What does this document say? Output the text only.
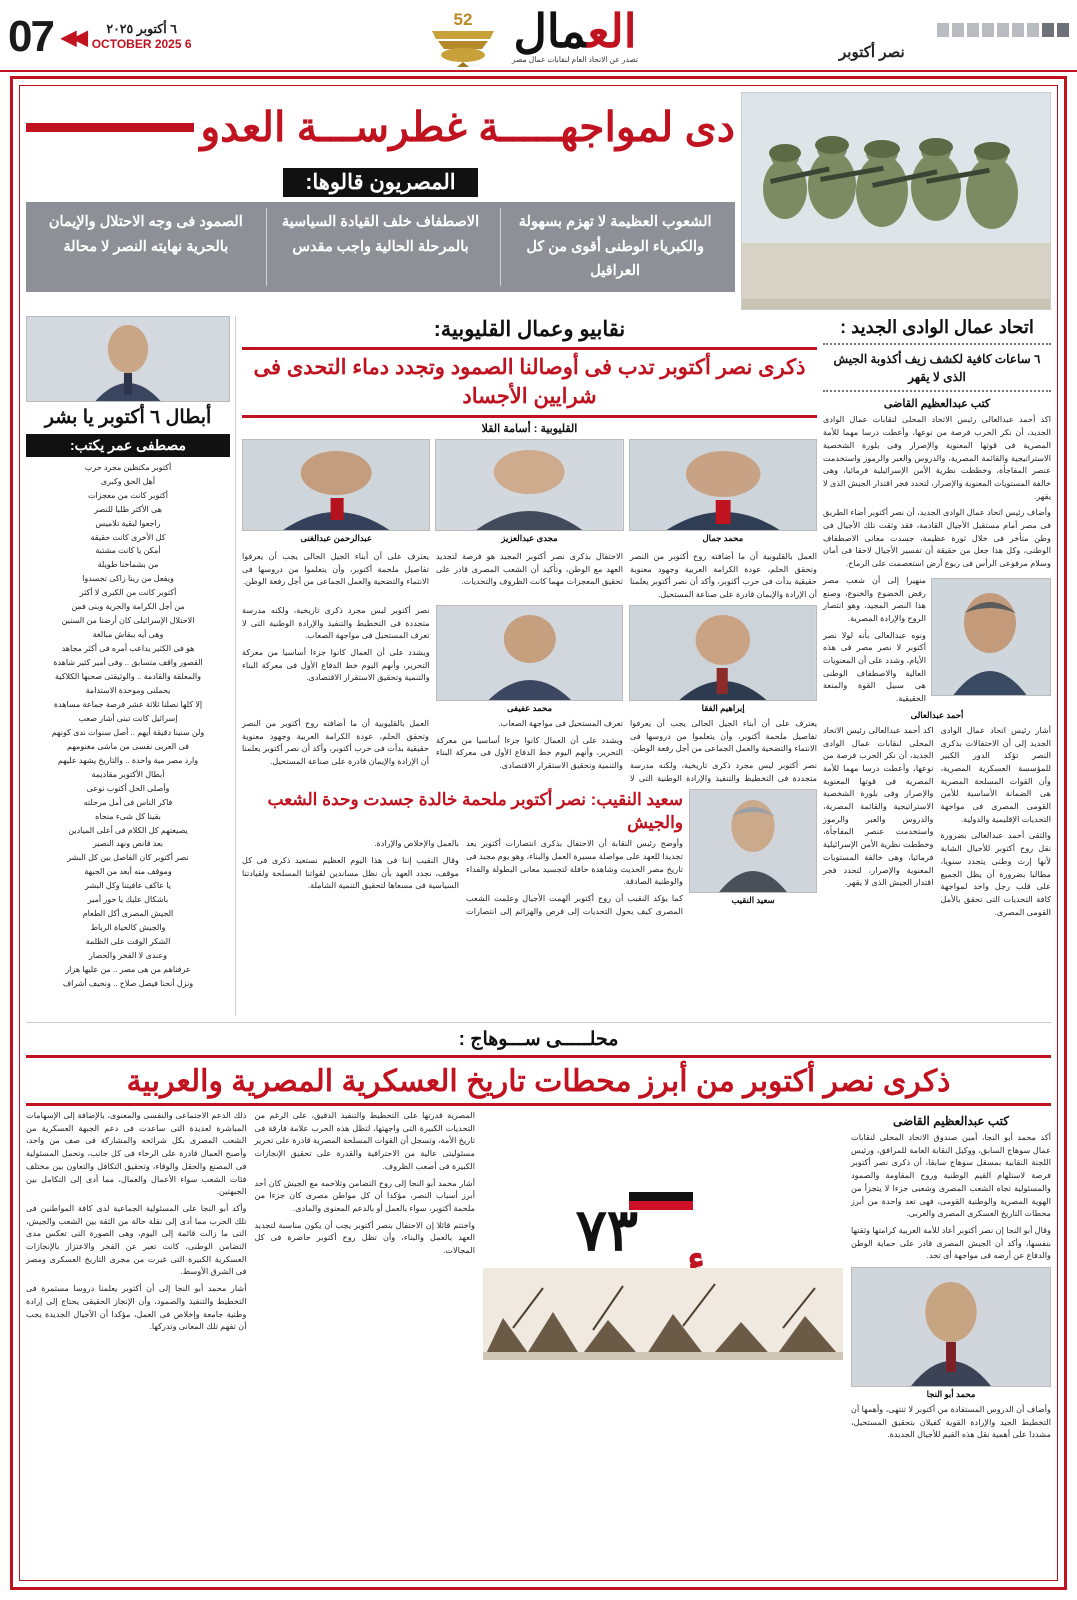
نصر أكتوبر
العمال
تصدر عن الاتحاد العام لنقابات عمال مصر
52
٦ أكتوبر ٢٠٢٥
6 OCTOBER 2025
◀◀
07
دى لمواجهـــــة غطرســـة العدو
المصريون قالوها:
الشعوب العظيمة لا تهزم بسهولة والكبرياء الوطنى أقوى من كل العراقيل
الاصطفاف خلف القيادة السياسية بالمرحلة الحالية واجب مقدس
الصمود فى وجه الاحتلال والإيمان بالحرية نهايته النصر لا محالة
اتحاد عمال الوادى الجديد :
٦ ساعات كافية لكشف زيف أكذوبة الجيش الذى لا يقهر
كتب عبدالعظيم القاضى

اكد أحمد عبدالعالى رئيس الاتحاد المحلى لنقابات عمال الوادى الجديد، أن نكر الحرب فرصة من نوعها، وأعطت درسا مهما للأمة المصرية فى قوتها المعنوية والإصرار وفى بلورة الشخصية الاستراتيجية والقائمة المصرية، والدروس والعبر والرموز واستخدمت عنصر المفاجأة، وخططت نظرية الأمن الإسرائيلية فرمائيا، وهى خالفة المستويات المعنوية والإصرار، لتحدد فجر اقتدار الجيش الذى لا يقهر.

وأضاف رئيس اتحاد عمال الوادى الجديد، أن نصر أكتوبر أضاء الطريق فى مصر أمام مستقبل الأجيال القادمة، فقد وثقت تلك الأجيال فى وطن متأخر فى خلال ثورة عظيمة، جسدت معانى الاصطفاف الوطنى، وكل هذا جعل من حقيقة أن تفسير الأجيال لاحقا فى أمان وسلام مرفوعى الرأس فى ربوع أرض استعصمت على الرماح.

منهيرا إلى أن شعب مصر رفض الخضوع والخنوع، وصنع هذا النصر المجيد، وهو انتصار الروح والإرادة المصرية.

ونوه عبدالعالى بأنه لولا نصر أكتوبر لا نصر مصر فى هذه الأيام، وشدد على أن المعنويات العالية والاصطفاف الوطنى هى سبيل القوة والمنعة الحقيقية.

أحمد عبدالعالى

أشار رئيس اتحاد عمال الوادى الجديد إلى أن الاحتفالات بذكرى النصر تؤكد الدور الكبير للمؤسسة العسكرية المصرية، وأن القوات المسلحة المصرية هى الضمانة الأساسية للأمن القومى المصرى فى مواجهة التحديات الإقليمية والدولية.

والتقى أحمد عبدالعالى بضرورة نقل روح أكتوبر للأجيال الشابة لأنها إرث وطنى يتجدد سنويا، مطالبا بضرورة أن يظل الجميع على قلب رجل واحد لمواجهة كافة التحديات التى تحقق بالأمل القومى المصرى.

اكد أحمد عبدالعالى رئيس الاتحاد المحلى لنقابات عمال الوادى الجديد، أن نكر الحرب فرصة من نوعها، وأعطت درسا مهما للأمة المصرية فى قوتها المعنوية والإصرار وفى بلورة الشخصية الاستراتيجية والقائمة المصرية، والدروس والعبر والرموز واستخدمت عنصر المفاجأة، وخططت نظرية الأمن الإسرائيلية فرمائيا، وهى خالفة المستويات المعنوية والإصرار، لتحدد فجر اقتدار الجيش الذى لا يقهر.

نقابيو وعمال القليوبية:
ذكرى نصر أكتوبر تدب فى أوصالنا الصمود وتجدد دماء التحدى فى شرايين الأجساد
القليوبية : أسامة القلا
محمد جمال
مجدى عبدالعزيز
عبدالرحمن عبدالغنى

العمل بالقليوبية أن ما أضافته روح أكتوبر من النصر وتحقق الحلم، عودة الكرامة العربية وجهود معنوية حقيقية بدأت فى حرب أكتوبر، وأكد أن نصر أكتوبر يعلمنا أن الإرادة والإيمان قادرة على صناعة المستحيل.

الاحتفال بذكرى نصر أكتوبر المجيد هو فرصة لتجديد العهد مع الوطن، وتأكيد أن الشعب المصرى قادر على تحقيق المعجزات مهما كانت الظروف والتحديات.

يعترف على أن أبناء الجيل الحالى يجب أن يعرفوا تفاصيل ملحمة أكتوبر، وأن يتعلموا من دروسها فى الانتماء والتضحية والعمل الجماعى من أجل رفعة الوطن.

إبراهيم الفقا
محمد عفيفى

نصر أكتوبر ليس مجرد ذكرى تاريخية، ولكنه مدرسة متجددة فى التخطيط والتنفيذ والإرادة الوطنية التى لا تعرف المستحيل فى مواجهة الصعاب.

ويشدد على أن العمال كانوا جزءا أساسيا من معركة التحرير، وأنهم اليوم خط الدفاع الأول فى معركة البناء والتنمية وتحقيق الاستقرار الاقتصادى.

يعترف على أن أبناء الجيل الحالى يجب أن يعرفوا تفاصيل ملحمة أكتوبر، وأن يتعلموا من دروسها فى الانتماء والتضحية والعمل الجماعى من أجل رفعة الوطن.

نصر أكتوبر ليس مجرد ذكرى تاريخية، ولكنه مدرسة متجددة فى التخطيط والتنفيذ والإرادة الوطنية التى لا تعرف المستحيل فى مواجهة الصعاب.

ويشدد على أن العمال كانوا جزءا أساسيا من معركة التحرير، وأنهم اليوم خط الدفاع الأول فى معركة البناء والتنمية وتحقيق الاستقرار الاقتصادى.

العمل بالقليوبية أن ما أضافته روح أكتوبر من النصر وتحقق الحلم، عودة الكرامة العربية وجهود معنوية حقيقية بدأت فى حرب أكتوبر، وأكد أن نصر أكتوبر يعلمنا أن الإرادة والإيمان قادرة على صناعة المستحيل.

سعيد النقيب
سعيد النقيب: نصر أكتوبر ملحمة خالدة جسدت وحدة الشعب والجيش

وأوضح رئيس النقابة أن الاحتفال بذكرى انتصارات أكتوبر يعد تجديدا للعهد على مواصلة مسيرة العمل والبناء، وهو يوم مجيد فى تاريخ مصر الحديث وشاهدة حافلة لتجسيد معانى البطولة والفداء والوطنية الصادقة.

كما يؤكد النقيب أن روح أكتوبر ألهمت الأجيال وعلمت الشعب المصرى كيف يحول التحديات إلى فرص والهزائم إلى انتصارات بالعمل والإخلاص والإرادة.

وقال النقيب إننا فى هذا اليوم العظيم نستعيد ذكرى فى كل موقف، نجدد العهد بأن نظل مساندين لقواتنا المسلحة ولقيادتنا السياسية فى مسعاها لتحقيق التنمية الشاملة.

أبطال ٦ أكتوبر يا بشر
مصطفى عمر يكتب:
أكتوبر مكتظين مجرد حرب
أهل الحق وكبرى
أكتوبر كانت من معجزات
هى الأكثر طلبا للنصر
راجعوا لبقية تلاميس
كل الأخرى كانت حقيقة
أمكن يا كانت مشتبة
من بشماخنا طويلة
ويفعل من رينا زاكى تجسدوا
أكتوبر كانت من الكبرى لا أكثر
من أجل الكرامة والحرية وبنى فمن
الاحتلال الإسرائيلى كان أرضنا من السنين
وهى أيه ببقاش مبالغة
هو فى الكثير يداعب أمره فى أكثر مجاهد
القصور واقف متسابق .. وفى أمير كثير شاهدة
والمعلقة والقادمة .. والوثيقتى صحبها الكلاكية
يحملنى وموحدة الاستدامة
إلا كلها نصلنا ثلاثة عشر فرصة جماعة مساهدة
إسرائيل كانت تبنى أشار صعب
ولن سنينا دقيقة أيهم .. أصل سنوات ندى كونهم
فى العربى نفسى من ماشى مغنومهم
وارد مصر مية واحدة .. والتاريخ يشهد عليهم
أبطال الأكتوبر مقاديمة
وأصلى الحل أكتوب نوعى
فاكر الناس فى أمل مرحلته
بقينا كل شىء منجاه
يصيغتهم كل الكلام فى أعلى الميادين
بعد قانص ونهد النصير
نصر أكتوبر كان الفاصل بين كل البشر
وموقف منه أبعد من الجبهة
يا عاكف عافيتنا وكل البشر
باشكال عليك يا حور أمير
الجيش المصرى أكل الطعام
والجيش كالحياة الرباط
الشكر الوقت على الظلمة
وعندى لا الفخر والحصار
عرفناهم من هى مصر .. من عليها هزار
ونزل أنحنا فيصل صلاح .. ونحيف أشراف
محلـــــى ســـوهاج :
ذكرى نصر أكتوبر من أبرز محطات تاريخ العسكرية المصرية والعربية
كتب عبدالعظيم القاضى

أكد محمد أبو النجا، أمين صندوق الاتحاد المحلى لنقابات عمال سوهاج السابق، ووكيل النقابة العامة للمرافق، ورئيس اللجنة النقابية بمسقل سوهاج سابقا، أن ذكرى نصر أكتوبر فرصة لاستلهام القيم الوطنية وروح المقاومة والصمود والمسئولية تجاه الشعب المصرى وشعبى جزءا لا يتجزأ من الهوية المصرية والوطنية القومى، فهى تعد واحدة من أبرز محطات التاريخ العسكرى المصرى والعربى.

وقال أبو النجا إن نصر أكتوبر أعاد للأمة العربية كرامتها وثقتها بنفسها، وأكد أن الجيش المصرى قادر على حماية الوطن والدفاع عن أرضه فى مواجهة أى تحد.

محمد أبو النجا

وأضاف أن الدروس المستفادة من أكتوبر لا تنتهى، وأهمها أن التخطيط الجيد والإرادة القوية كفيلان بتحقيق المستحيل، مشددا على أهمية نقل هذه القيم للأجيال الجديدة.

٧٣

المصرية قدرتها على التخطيط والتنفيذ الدقيق، على الرغم من التحديات الكبيرة التى واجهتها، لتظل هذه الحرب علامة فارقة فى تاريخ الأمة، وتسجل أن القوات المسلحة المصرية قادرة على تحرير مسئوليتى عالية من الاحترافية والقدرة على تحقيق الإنجازات الكبيرة فى أصعب الظروف.

أشار محمد أبو النجا إلى روح التضامن وتلاحمه مع الجيش كان أحد أبرز أسباب النصر، مؤكدا أن كل مواطن مصرى كان جزءا من ملحمة أكتوبر، سواء بالعمل أو بالدعم المعنوى والمادى.

واختتم قائلا إن الاحتفال بنصر أكتوبر يجب أن يكون مناسبة لتجديد العهد بالعمل والبناء، وأن تظل روح أكتوبر حاضرة فى كل المجالات.

ذلك الدعم الاجتماعى والنفسى والمعنوى، بالإضافة إلى الإسهامات المباشرة لعديدة التى ساعدت فى دعم الجبهة العسكرية من الشعب المصرى بكل شرائحه والمشاركة فى صف من واحد، وأصبح العمال قادرة على الرخاء فى كل جانب، وتحمل المسئولية فى المصنع والحقل والوفاء، وتحقيق التكافل والتعاون بين مختلف فئات الشعب سواء الأعمال والعمال، مما أدى إلى التكامل بين الجبهتين.

وأكد أبو النجا على المسئولية الجماعية لدى كافة المواطنين فى تلك الحرب مما أدى إلى نقلة حالة من الثقة بين الشعب والجيش، التى ما زالت قائمة إلى اليوم، وهى الصورة التى تعكس مدى التضامن الوطنى، كانت تعبر عن الفخر والاعتزاز بالإنجازات العسكرية الكبيرة التى غيرت من مجرى التاريخ العسكرى ومصر فى الشرق الأوسط.

أشار محمد أبو النجا إلى أن أكتوبر يعلمنا دروسا مستمرة فى التخطيط والتنفيذ والصمود، وأن الإنجاز الحقيقى يحتاج إلى إرادة وطنية جامعة وإخلاص فى العمل، مؤكدا أن الأجيال الجديدة يجب أن تفهم تلك المعانى وتدركها.
